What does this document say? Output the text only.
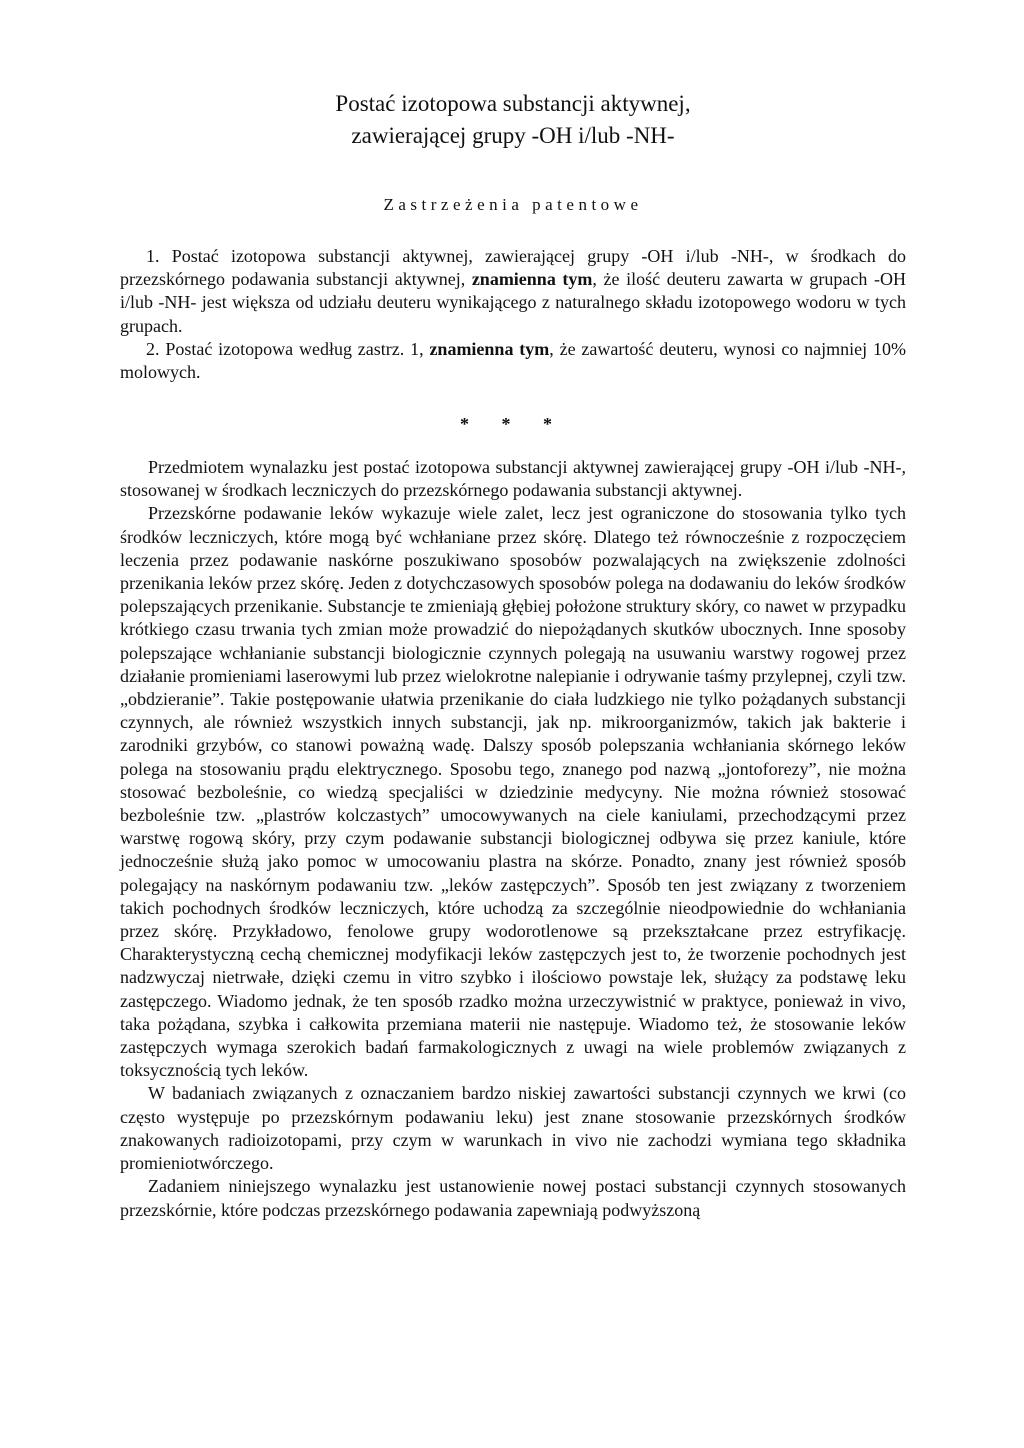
Postać izotopowa substancji aktywnej,
zawierającej grupy -OH i/lub -NH-
Zastrzeżenia patentowe

1. Postać izotopowa substancji aktywnej, zawierającej grupy -OH i/lub -NH-, w środkach do przezskórnego podawania substancji aktywnej, znamienna tym, że ilość deuteru zawarta w grupach -OH i/lub -NH- jest większa od udziału deuteru wynikającego z naturalnego składu izotopowego wodoru w tych grupach.

2. Postać izotopowa według zastrz. 1, znamienna tym, że zawartość deuteru, wynosi co najmniej 10% molowych.

* * *

Przedmiotem wynalazku jest postać izotopowa substancji aktywnej zawierającej grupy -OH i/lub -NH-, stosowanej w środkach leczniczych do przezskórnego podawania substancji aktywnej.

Przezskórne podawanie leków wykazuje wiele zalet, lecz jest ograniczone do stosowania tylko tych środków leczniczych, które mogą być wchłaniane przez skórę. Dlatego też równocześnie z rozpoczęciem leczenia przez podawanie naskórne poszukiwano sposobów pozwalających na zwiększenie zdolności przenikania leków przez skórę. Jeden z dotychczasowych sposobów polega na dodawaniu do leków środków polepszających przenikanie. Substancje te zmieniają głębiej położone struktury skóry, co nawet w przypadku krótkiego czasu trwania tych zmian może prowadzić do niepożądanych skutków ubocznych. Inne sposoby polepszające wchłanianie substancji biologicznie czynnych polegają na usuwaniu warstwy rogowej przez działanie promieniami laserowymi lub przez wielokrotne nalepianie i odrywanie taśmy przylepnej, czyli tzw. „obdzieranie”. Takie postępowanie ułatwia przenikanie do ciała ludzkiego nie tylko pożądanych substancji czynnych, ale również wszystkich innych substancji, jak np. mikroorganizmów, takich jak bakterie i zarodniki grzybów, co stanowi poważną wadę. Dalszy sposób polepszania wchłaniania skórnego leków polega na stosowaniu prądu elektrycznego. Sposobu tego, znanego pod nazwą „jontoforezy”, nie można stosować bezboleśnie, co wiedzą specjaliści w dziedzinie medycyny. Nie można również stosować bezboleśnie tzw. „plastrów kolczastych” umocowywanych na ciele kaniulami, przechodzącymi przez warstwę rogową skóry, przy czym podawanie substancji biologicznej odbywa się przez kaniule, które jednocześnie służą jako pomoc w umocowaniu plastra na skórze. Ponadto, znany jest również sposób polegający na naskórnym podawaniu tzw. „leków zastępczych”. Sposób ten jest związany z tworzeniem takich pochodnych środków leczniczych, które uchodzą za szczególnie nieodpowiednie do wchłaniania przez skórę. Przykładowo, fenolowe grupy wodorotlenowe są przekształcane przez estryfikację. Charakterystyczną cechą chemicznej modyfikacji leków zastępczych jest to, że tworzenie pochodnych jest nadzwyczaj nietrwałe, dzięki czemu in vitro szybko i ilościowo powstaje lek, służący za podstawę leku zastępczego. Wiadomo jednak, że ten sposób rzadko można urzeczywistnić w praktyce, ponieważ in vivo, taka pożądana, szybka i całkowita przemiana materii nie następuje. Wiadomo też, że stosowanie leków zastępczych wymaga szerokich badań farmakologicznych z uwagi na wiele problemów związanych z toksycznością tych leków.

W badaniach związanych z oznaczaniem bardzo niskiej zawartości substancji czynnych we krwi (co często występuje po przezskórnym podawaniu leku) jest znane stosowanie przezskórnych środków znakowanych radioizotopami, przy czym w warunkach in vivo nie zachodzi wymiana tego składnika promieniotwórczego.

Zadaniem niniejszego wynalazku jest ustanowienie nowej postaci substancji czynnych stosowanych przezskórnie, które podczas przezskórnego podawania zapewniają podwyższoną
